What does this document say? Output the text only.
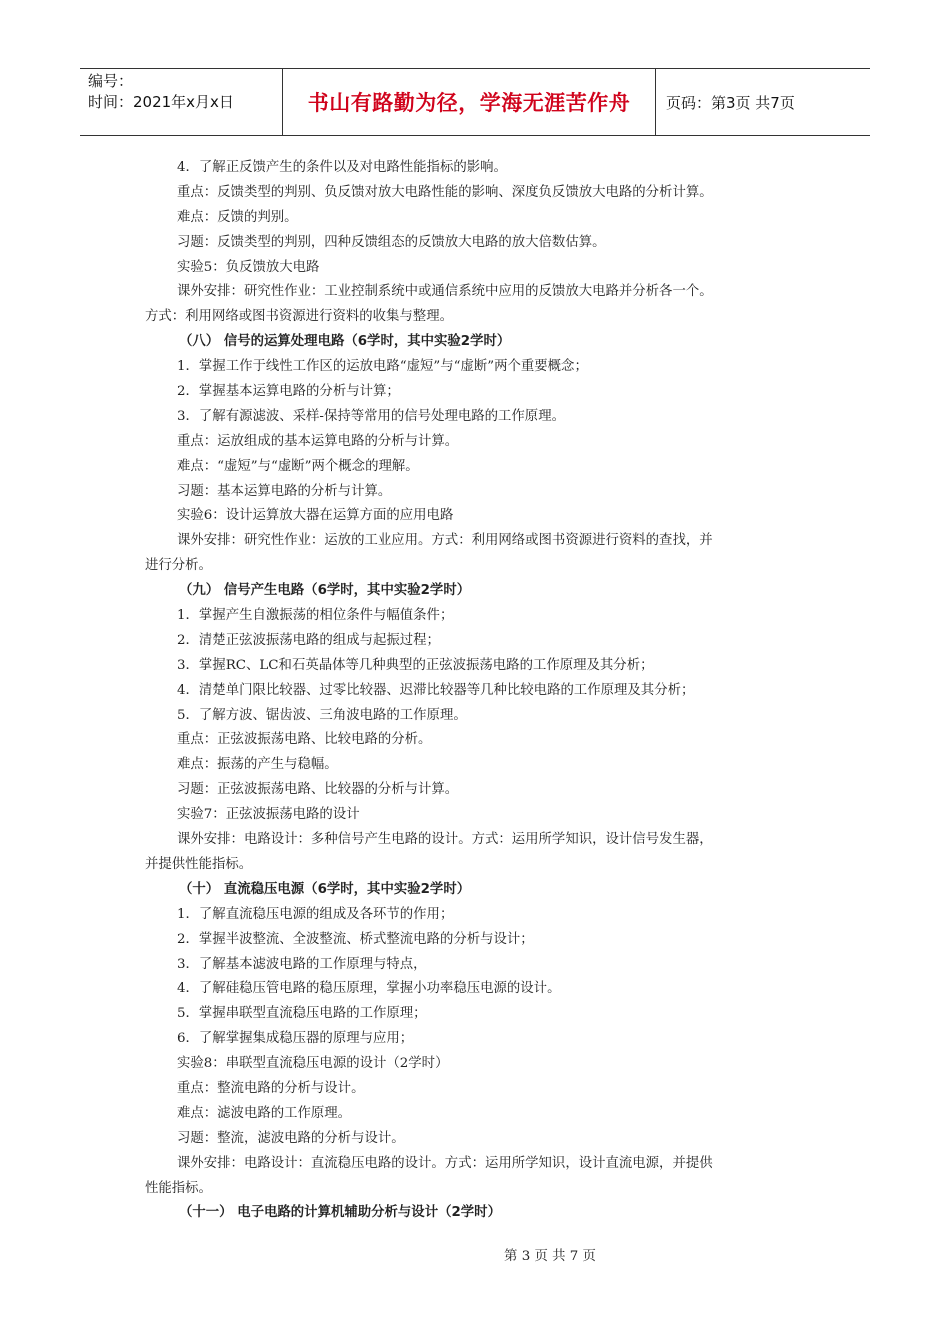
编号：
时间：2021年x月x日	书山有路勤为径，学海无涯苦作舟 页码：第3页 共7页
4．了解正反馈产生的条件以及对电路性能指标的影响。
重点：反馈类型的判别、负反馈对放大电路性能的影响、深度负反馈放大电路的分析计算。
难点：反馈的判别。
习题：反馈类型的判别，四种反馈组态的反馈放大电路的放大倍数估算。
实验5：负反馈放大电路
课外安排：研究性作业：工业控制系统中或通信系统中应用的反馈放大电路并分析各一个。
方式：利用网络或图书资源进行资料的收集与整理。
（八） 信号的运算处理电路（6学时，其中实验2学时）
1．掌握工作于线性工作区的运放电路“虚短”与“虚断”两个重要概念；
2．掌握基本运算电路的分析与计算；
3．了解有源滤波、采样-保持等常用的信号处理电路的工作原理。
重点：运放组成的基本运算电路的分析与计算。
难点：“虚短”与“虚断”两个概念的理解。
习题：基本运算电路的分析与计算。
实验6：设计运算放大器在运算方面的应用电路
课外安排：研究性作业：运放的工业应用。方式：利用网络或图书资源进行资料的查找，并
进行分析。
（九） 信号产生电路（6学时，其中实验2学时）
1．掌握产生自激振荡的相位条件与幅值条件；
2．清楚正弦波振荡电路的组成与起振过程；
3．掌握RC、LC和石英晶体等几种典型的正弦波振荡电路的工作原理及其分析；
4．清楚单门限比较器、过零比较器、迟滞比较器等几种比较电路的工作原理及其分析；
5．了解方波、锯齿波、三角波电路的工作原理。
重点：正弦波振荡电路、比较电路的分析。
难点：振荡的产生与稳幅。
习题：正弦波振荡电路、比较器的分析与计算。
实验7：正弦波振荡电路的设计
课外安排：电路设计：多种信号产生电路的设计。方式：运用所学知识，设计信号发生器，
并提供性能指标。
（十） 直流稳压电源（6学时，其中实验2学时）
1．了解直流稳压电源的组成及各环节的作用；
2．掌握半波整流、全波整流、桥式整流电路的分析与设计；
3．了解基本滤波电路的工作原理与特点，
4．了解硅稳压管电路的稳压原理，掌握小功率稳压电源的设计。
5．掌握串联型直流稳压电路的工作原理；
6．了解掌握集成稳压器的原理与应用；
实验8：串联型直流稳压电源的设计（2学时）
重点：整流电路的分析与设计。
难点：滤波电路的工作原理。
习题：整流，滤波电路的分析与设计。
课外安排：电路设计：直流稳压电路的设计。方式：运用所学知识，设计直流电源，并提供
性能指标。
（十一） 电子电路的计算机辅助分析与设计（2学时）
第 3 页 共 7 页
